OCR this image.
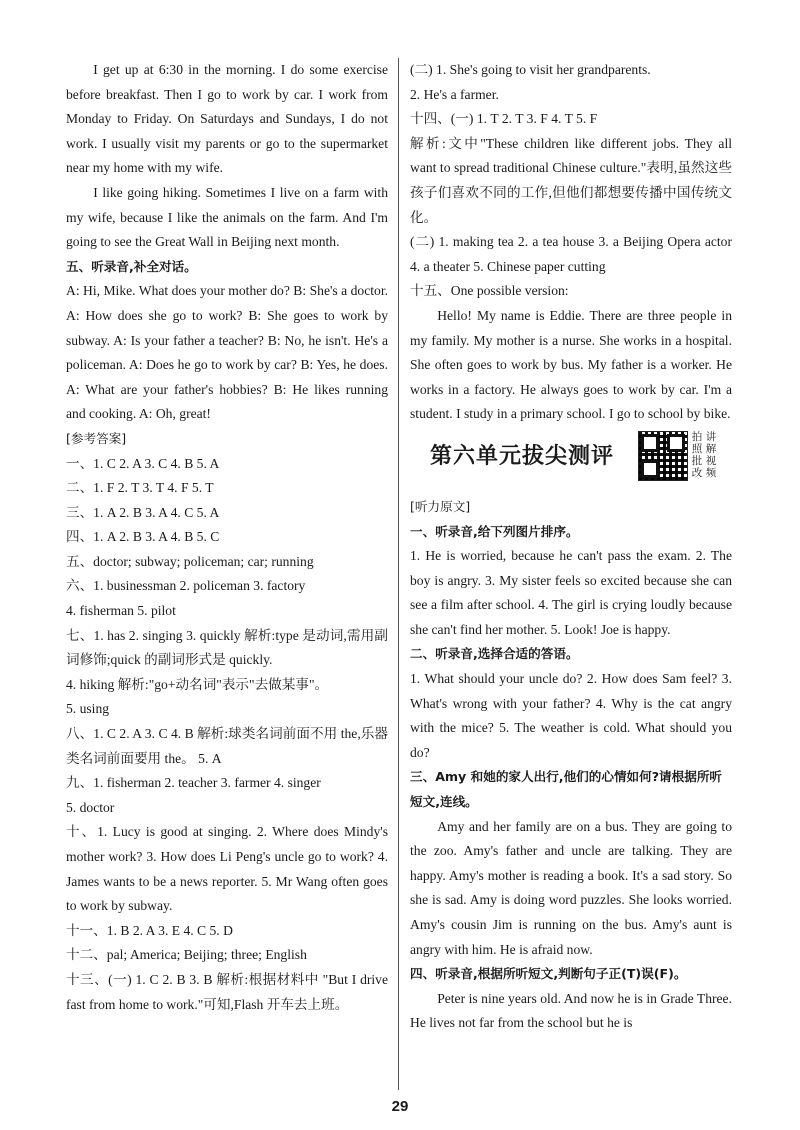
I get up at 6:30 in the morning. I do some exercise before breakfast. Then I go to work by car. I work from Monday to Friday. On Saturdays and Sundays, I do not work. I usually visit my parents or go to the supermarket near my home with my wife.

I like going hiking. Sometimes I live on a farm with my wife, because I like the animals on the farm. And I'm going to see the Great Wall in Beijing next month.

五、听录音,补全对话。

A: Hi, Mike. What does your mother do? B: She's a doctor. A: How does she go to work? B: She goes to work by subway. A: Is your father a teacher? B: No, he isn't. He's a policeman. A: Does he go to work by car? B: Yes, he does. A: What are your father's hobbies? B: He likes running and cooking. A: Oh, great!

[参考答案]

一、1. C 2. A 3. C 4. B 5. A

二、1. F 2. T 3. T 4. F 5. T

三、1. A 2. B 3. A 4. C 5. A

四、1. A 2. B 3. A 4. B 5. C

五、doctor; subway; policeman; car; running

六、1. businessman 2. policeman 3. factory

4. fisherman 5. pilot

七、1. has 2. singing 3. quickly 解析:type 是动词,需用副词修饰;quick 的副词形式是 quickly.

4. hiking 解析:"go+动名词"表示"去做某事"。

5. using

八、1. C 2. A 3. C 4. B 解析:球类名词前面不用 the,乐器类名词前面要用 the。 5. A

九、1. fisherman 2. teacher 3. farmer 4. singer

5. doctor

十、1. Lucy is good at singing. 2. Where does Mindy's mother work? 3. How does Li Peng's uncle go to work? 4. James wants to be a news reporter. 5. Mr Wang often goes to work by subway.

十一、1. B 2. A 3. E 4. C 5. D

十二、pal; America; Beijing; three; English

十三、(一) 1. C 2. B 3. B 解析:根据材料中 "But I drive fast from home to work."可知,Flash 开车去上班。

(二) 1. She's going to visit her grandparents.

2. He's a farmer.

十四、(一) 1. T 2. T 3. F 4. T 5. F

解析:文中"These children like different jobs. They all want to spread traditional Chinese culture."表明,虽然这些孩子们喜欢不同的工作,但他们都想要传播中国传统文化。

(二) 1. making tea 2. a tea house 3. a Beijing Opera actor 4. a theater 5. Chinese paper cutting

十五、One possible version:

Hello! My name is Eddie. There are three people in my family. My mother is a nurse. She works in a hospital. She often goes to work by bus. My father is a worker. He works in a factory. He always goes to work by car. I'm a student. I study in a primary school. I go to school by bike.

第六单元拔尖测评
拍
照
批
改
讲
解
视
频

[听力原文]

一、听录音,给下列图片排序。

1. He is worried, because he can't pass the exam. 2. The boy is angry. 3. My sister feels so excited because she can see a film after school. 4. The girl is crying loudly because she can't find her mother. 5. Look! Joe is happy.

二、听录音,选择合适的答语。

1. What should your uncle do? 2. How does Sam feel? 3. What's wrong with your father? 4. Why is the cat angry with the mice? 5. The weather is cold. What should you do?

三、Amy 和她的家人出行,他们的心情如何?请根据所听短文,连线。

Amy and her family are on a bus. They are going to the zoo. Amy's father and uncle are talking. They are happy. Amy's mother is reading a book. It's a sad story. So she is sad. Amy is doing word puzzles. She looks worried. Amy's cousin Jim is running on the bus. Amy's aunt is angry with him. He is afraid now.

四、听录音,根据所听短文,判断句子正(T)误(F)。

Peter is nine years old. And now he is in Grade Three. He lives not far from the school but he is

29
